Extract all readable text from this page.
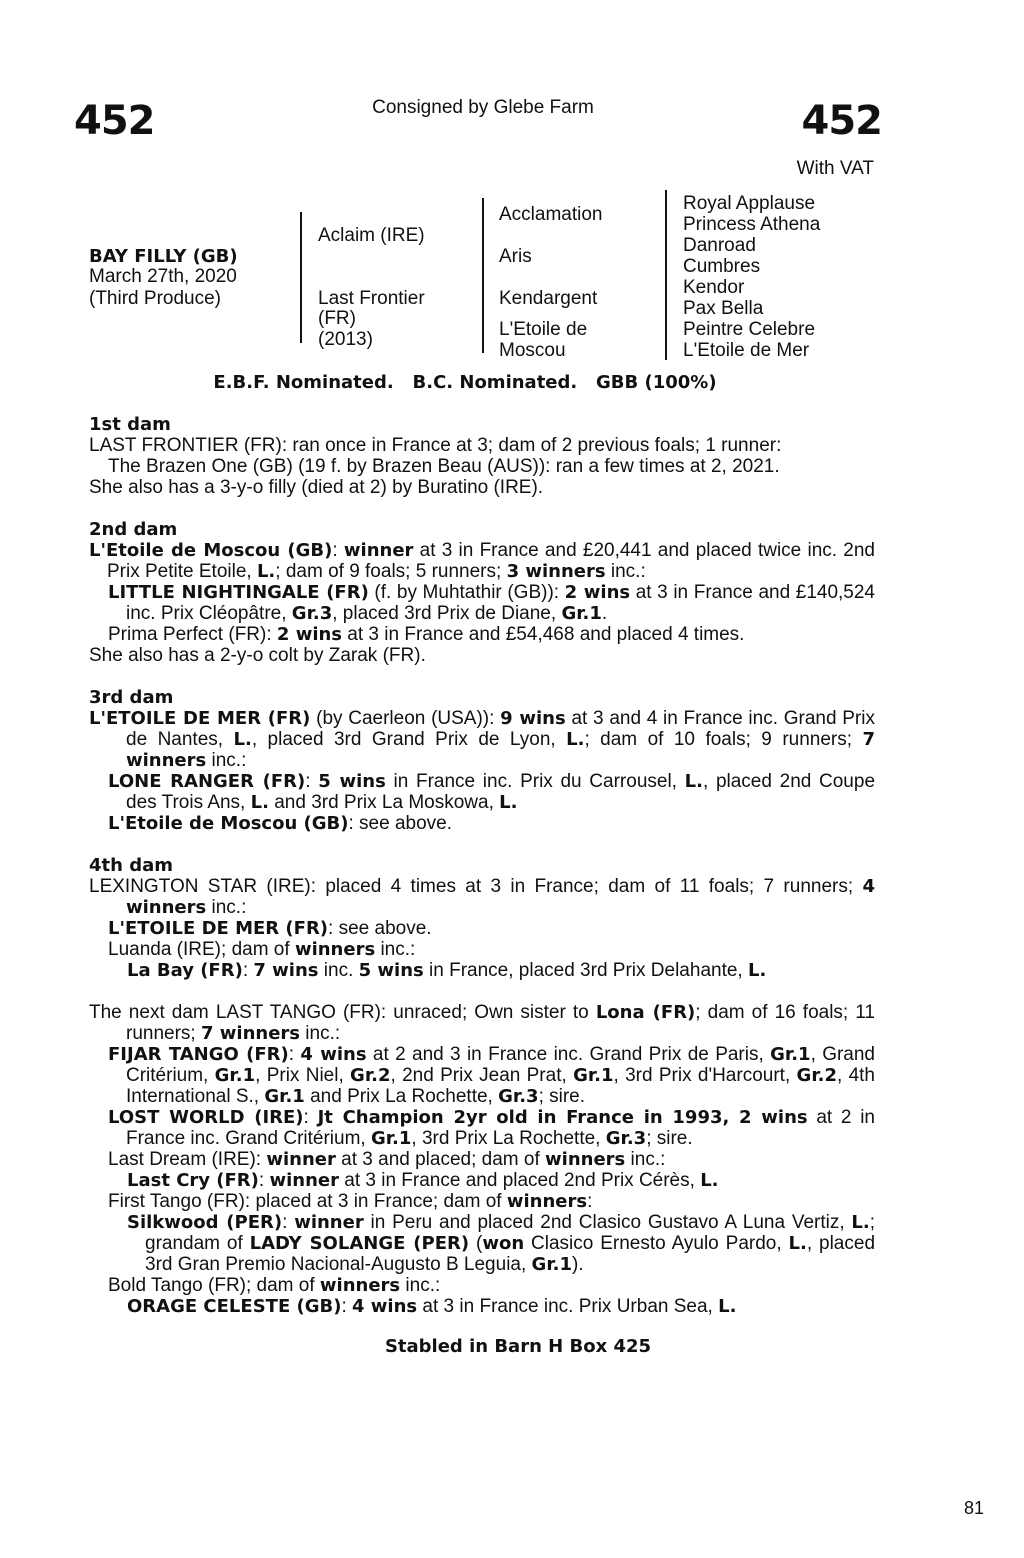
452	Consigned by Glebe Farm	452
With VAT
BAY FILLY (GB)
March 27th, 2020
(Third Produce)
Aclaim (IRE)
Last Frontier
(FR)
(2013)
Acclamation
Aris
Kendargent
L'Etoile de
Moscou
Royal Applause
Princess Athena
Danroad
Cumbres
Kendor
Pax Bella
Peintre Celebre
L'Etoile de Mer
E.B.F. Nominated.   B.C. Nominated.   GBB (100%)
1st dam
LAST FRONTIER (FR): ran once in France at 3; dam of 2 previous foals; 1 runner:
The Brazen One (GB) (19 f. by Brazen Beau (AUS)): ran a few times at 2, 2021.
She also has a 3-y-o filly (died at 2) by Buratino (IRE).
2nd dam
L'Etoile de Moscou (GB): winner at 3 in France and £20,441 and placed twice inc. 2nd Prix Petite Etoile, L.; dam of 9 foals; 5 runners; 3 winners inc.:
LITTLE NIGHTINGALE (FR) (f. by Muhtathir (GB)): 2 wins at 3 in France and £140,524 inc. Prix Cléopâtre, Gr.3, placed 3rd Prix de Diane, Gr.1.
Prima Perfect (FR): 2 wins at 3 in France and £54,468 and placed 4 times.
She also has a 2-y-o colt by Zarak (FR).
3rd dam
L'ETOILE DE MER (FR) (by Caerleon (USA)): 9 wins at 3 and 4 in France inc. Grand Prix de Nantes, L., placed 3rd Grand Prix de Lyon, L.; dam of 10 foals; 9 runners; 7 winners inc.:
LONE RANGER (FR): 5 wins in France inc. Prix du Carrousel, L., placed 2nd Coupe des Trois Ans, L. and 3rd Prix La Moskowa, L.
L'Etoile de Moscou (GB): see above.
4th dam
LEXINGTON STAR (IRE): placed 4 times at 3 in France; dam of 11 foals; 7 runners; 4 winners inc.:
L'ETOILE DE MER (FR): see above.
Luanda (IRE); dam of winners inc.:
La Bay (FR): 7 wins inc. 5 wins in France, placed 3rd Prix Delahante, L.
The next dam LAST TANGO (FR): unraced; Own sister to Lona (FR); dam of 16 foals; 11 runners; 7 winners inc.:
FIJAR TANGO (FR): 4 wins at 2 and 3 in France inc. Grand Prix de Paris, Gr.1, Grand Critérium, Gr.1, Prix Niel, Gr.2, 2nd Prix Jean Prat, Gr.1, 3rd Prix d'Harcourt, Gr.2, 4th International S., Gr.1 and Prix La Rochette, Gr.3; sire.
LOST WORLD (IRE): Jt Champion 2yr old in France in 1993, 2 wins at 2 in France inc. Grand Critérium, Gr.1, 3rd Prix La Rochette, Gr.3; sire.
Last Dream (IRE): winner at 3 and placed; dam of winners inc.:
Last Cry (FR): winner at 3 in France and placed 2nd Prix Cérès, L.
First Tango (FR): placed at 3 in France; dam of winners:
Silkwood (PER): winner in Peru and placed 2nd Clasico Gustavo A Luna Vertiz, L.; grandam of LADY SOLANGE (PER) (won Clasico Ernesto Ayulo Pardo, L., placed 3rd Gran Premio Nacional-Augusto B Leguia, Gr.1).
Bold Tango (FR); dam of winners inc.:
ORAGE CELESTE (GB): 4 wins at 3 in France inc. Prix Urban Sea, L.
Stabled in Barn H Box 425
81
